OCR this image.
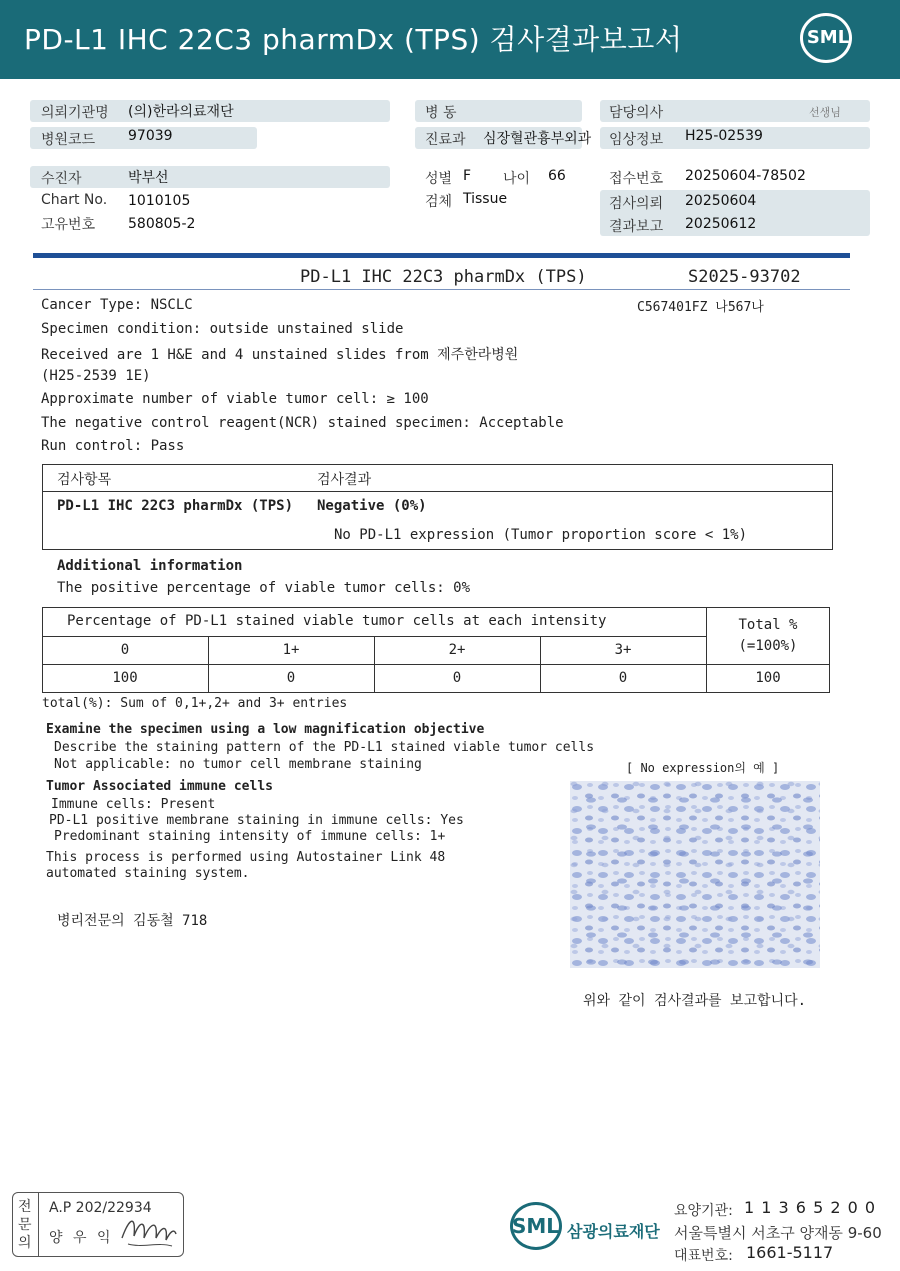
PD-L1 IHC 22C3 pharmDx (TPS) 검사결과보고서	SML
의뢰기관명 (의)한라의료재단
병원코드 97039
병 동
진료과 심장혈관흉부외과
담당의사	선생님
임상정보 H25-02539
수진자	박부선
Chart No. 1010105
고유번호 580805-2
성별 F 나이 66
검체 Tissue
접수번호 20250604-78502
검사의뢰 20250604
결과보고 20250612
PD-L1 IHC 22C3 pharmDx (TPS)	S2025-93702
C567401FZ 나567나
Cancer Type: NSCLC
Specimen condition: outside unstained slide
Received are 1 H&E and 4 unstained slides from 제주한라병원
(H25-2539 1E)
Approximate number of viable tumor cell: ≥ 100
The negative control reagent(NCR) stained specimen: Acceptable
Run control: Pass
검사항목	검사결과
PD-L1 IHC 22C3 pharmDx (TPS) Negative (0%)
No PD-L1 expression (Tumor proportion score < 1%)
Additional information
The positive percentage of viable tumor cells: 0%
Percentage of PD-L1 stained viable tumor cells at each intensity	Total %
(=100%)
0	1+	2+	3+
100	0	0	0	100
total(%): Sum of 0,1+,2+ and 3+ entries
Examine the specimen using a low magnification objective
Describe the staining pattern of the PD-L1 stained viable tumor cells
Not applicable: no tumor cell membrane staining	[ No expression의 예 ]
Tumor Associated immune cells
Immune cells: Present
PD-L1 positive membrane staining in immune cells: Yes
Predominant staining intensity of immune cells: 1+
This process is performed using Autostainer Link 48
automated staining system.
병리전문의 김동철 718
위와 같이 검사결과를 보고합니다.
전문의
A.P 202/22934
양 우 익	SML 삼광의료재단
요양기관: 1 1 3 6 5 2 0 0
서울특별시 서초구 양재동 9-60
대표번호: 1661-5117
